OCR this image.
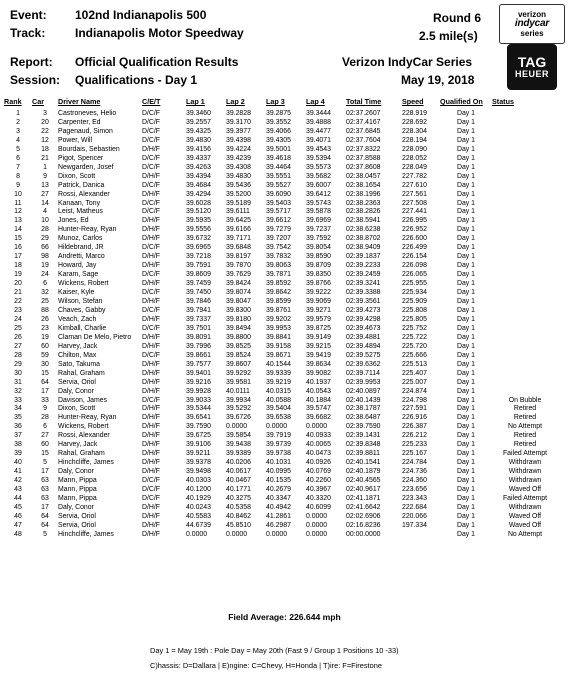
Event: 102nd Indianapolis 500
Track: Indianapolis Motor Speedway
Report: Official Qualification Results
Session: Qualifications - Day 1
Round 6
2.5 mile(s)
Verizon IndyCar Series
May 19, 2018
verizon
indycar
series
TAG
HEUER
Rank	Car	Driver Name	C/E/T	Lap 1	Lap 2	Lap 3	Lap 4	Total Time	Speed	Qualified On	Status
1	3	Castroneves, Helio	D/C/F	39.3460	39.2828	39.2875	39.3444	02:37.2607	228.919	Day 1	
2	20	Carpenter, Ed	D/C/F	39.2557	39.3170	39.3552	39.4888	02:37.4167	228.692	Day 1	
3	22	Pagenaud, Simon	D/C/F	39.4325	39.3977	39.4066	39.4477	02:37.6845	228.304	Day 1	
4	12	Power, Will	D/C/F	39.4830	39.4398	39.4305	39.4071	02:37.7604	228.194	Day 1	
5	18	Bourdais, Sebastien	D/H/F	39.4156	39.4224	39.5001	39.4543	02:37.8322	228.090	Day 1	
6	21	Pigot, Spencer	D/C/F	39.4337	39.4239	39.4618	39.5394	02:37.8588	228.052	Day 1	
7	1	Newgarden, Josef	D/C/F	39.4263	39.4308	39.4464	39.5573	02:37.8608	228.049	Day 1	
8	9	Dixon, Scott	D/H/F	39.4394	39.4830	39.5551	39.5682	02:38.0457	227.782	Day 1	
9	13	Patrick, Danica	D/C/F	39.4684	39.5436	39.5527	39.6007	02:38.1654	227.610	Day 1	
10	27	Rossi, Alexander	D/H/F	39.4294	39.5200	39.6090	39.6412	02:38.1996	227.561	Day 1	
11	14	Kanaan, Tony	D/C/F	39.6028	39.5189	39.5403	39.5743	02:38.2363	227.508	Day 1	
12	4	Leist, Matheus	D/C/F	39.5120	39.6111	39.5717	39.5878	02:38.2826	227.441	Day 1	
13	10	Jones, Ed	D/H/F	39.5935	39.6425	39.6612	39.6969	02:38.5941	226.995	Day 1	
14	28	Hunter-Reay, Ryan	D/H/F	39.5556	39.6166	39.7279	39.7237	02:38.6238	226.952	Day 1	
15	29	Munoz, Carlos	D/H/F	39.6732	39.7171	39.7207	39.7592	02:38.8702	226.600	Day 1	
16	66	Hildebrand, JR	D/C/F	39.6965	39.6848	39.7542	39.8054	02:38.9409	226.499	Day 1	
17	98	Andretti, Marco	D/H/F	39.7218	39.8197	39.7832	39.8590	02:39.1837	226.154	Day 1	
18	19	Howard, Jay	D/H/F	39.7591	39.7870	39.8063	39.8709	02:39.2233	226.098	Day 1	
19	24	Karam, Sage	D/C/F	39.8609	39.7629	39.7871	39.8350	02:39.2459	226.065	Day 1	
20	6	Wickens, Robert	D/H/F	39.7459	39.8424	39.8592	39.8766	02:39.3241	225.955	Day 1	
21	32	Kaiser, Kyle	D/C/F	39.7450	39.8074	39.8642	39.9222	02:39.3388	225.934	Day 1	
22	25	Wilson, Stefan	D/H/F	39.7846	39.8047	39.8599	39.9069	02:39.3561	225.909	Day 1	
23	88	Chaves, Gabby	D/C/F	39.7941	39.8300	39.8761	39.9271	02:39.4273	225.808	Day 1	
24	26	Veach, Zach	D/H/F	39.7337	39.8180	39.9202	39.9579	02:39.4298	225.805	Day 1	
25	23	Kimball, Charlie	D/C/F	39.7501	39.8494	39.9953	39.8725	02:39.4673	225.752	Day 1	
26	19	Claman De Melo, Pietro	D/H/F	39.8091	39.8800	39.8841	39.9149	02:39.4881	225.722	Day 1	
27	60	Harvey, Jack	D/H/F	39.7996	39.8525	39.9158	39.9215	02:39.4894	225.720	Day 1	
28	59	Chilton, Max	D/C/F	39.8661	39.8524	39.8671	39.9419	02:39.5275	225.666	Day 1	
29	30	Sato, Takuma	D/H/F	39.7577	39.8607	40.1544	39.8634	02:39.6362	225.513	Day 1	
30	15	Rahal, Graham	D/H/F	39.9401	39.9292	39.9339	39.9082	02:39.7114	225.407	Day 1	
31	64	Servia, Oriol	D/H/F	39.9216	39.9581	39.9219	40.1937	02:39.9953	225.007	Day 1	
32	17	Daly, Conor	D/H/F	39.9928	40.0111	40.0315	40.0543	02:40.0897	224.874	Day 1	
33	33	Davison, James	D/C/F	39.9033	39.9934	40.0588	40.1884	02:40.1439	224.798	Day 1	On Bubble
34	9	Dixon, Scott	D/H/F	39.5344	39.5292	39.5404	39.5747	02:38.1787	227.591	Day 1	Retired
35	28	Hunter-Reay, Ryan	D/H/F	39.6541	39.6726	39.6538	39.6682	02:38.6487	226.916	Day 1	Retired
36	6	Wickens, Robert	D/H/F	39.7590	0.0000	0.0000	0.0000	02:39.7590	226.387	Day 1	No Attempt
37	27	Rossi, Alexander	D/H/F	39.6725	39.5854	39.7919	40.0933	02:39.1431	226.212	Day 1	Retired
38	60	Harvey, Jack	D/H/F	39.9106	39.9438	39.9739	40.0065	02:39.8348	225.233	Day 1	Retired
39	15	Rahal, Graham	D/H/F	39.9211	39.9389	39.9738	40.0473	02:39.8811	225.167	Day 1	Failed Attempt
40	5	Hinchcliffe, James	D/H/F	39.9378	40.0206	40.1031	40.0926	02:40.1541	224.784	Day 1	Withdrawn
41	17	Daly, Conor	D/H/F	39.9498	40.0617	40.0995	40.0769	02:40.1879	224.736	Day 1	Withdrawn
42	63	Mann, Pippa	D/C/F	40.0303	40.0467	40.1535	40.2260	02:40.4565	224.360	Day 1	Withdrawn
43	63	Mann, Pippa	D/C/F	40.1200	40.1771	40.2679	40.3967	02:40.9617	223.656	Day 1	Waved Off
44	63	Mann, Pippa	D/C/F	40.1929	40.3275	40.3347	40.3320	02:41.1871	223.343	Day 1	Failed Attempt
45	17	Daly, Conor	D/H/F	40.0243	40.5358	40.4942	40.6099	02:41.6642	222.684	Day 1	Withdrawn
46	64	Servia, Oriol	D/H/F	40.5583	40.8462	41.2861	0.0000	02:02.6906	220.066	Day 1	Waved Off
47	64	Servia, Oriol	D/H/F	44.6739	45.8510	46.2987	0.0000	02:16.8236	197.334	Day 1	Waved Off
48	5	Hinchcliffe, James	D/H/F	0.0000	0.0000	0.0000	0.0000	00:00.0000		Day 1	No Attempt
Field Average: 226.644 mph
Day 1 = May 19th : Pole Day = May 20th (Fast 9 / Group 1 Positions 10 -33)
C)hassis: D=Dallara | E)ngine: C=Chevy, H=Honda | T)ire: F=Firestone
